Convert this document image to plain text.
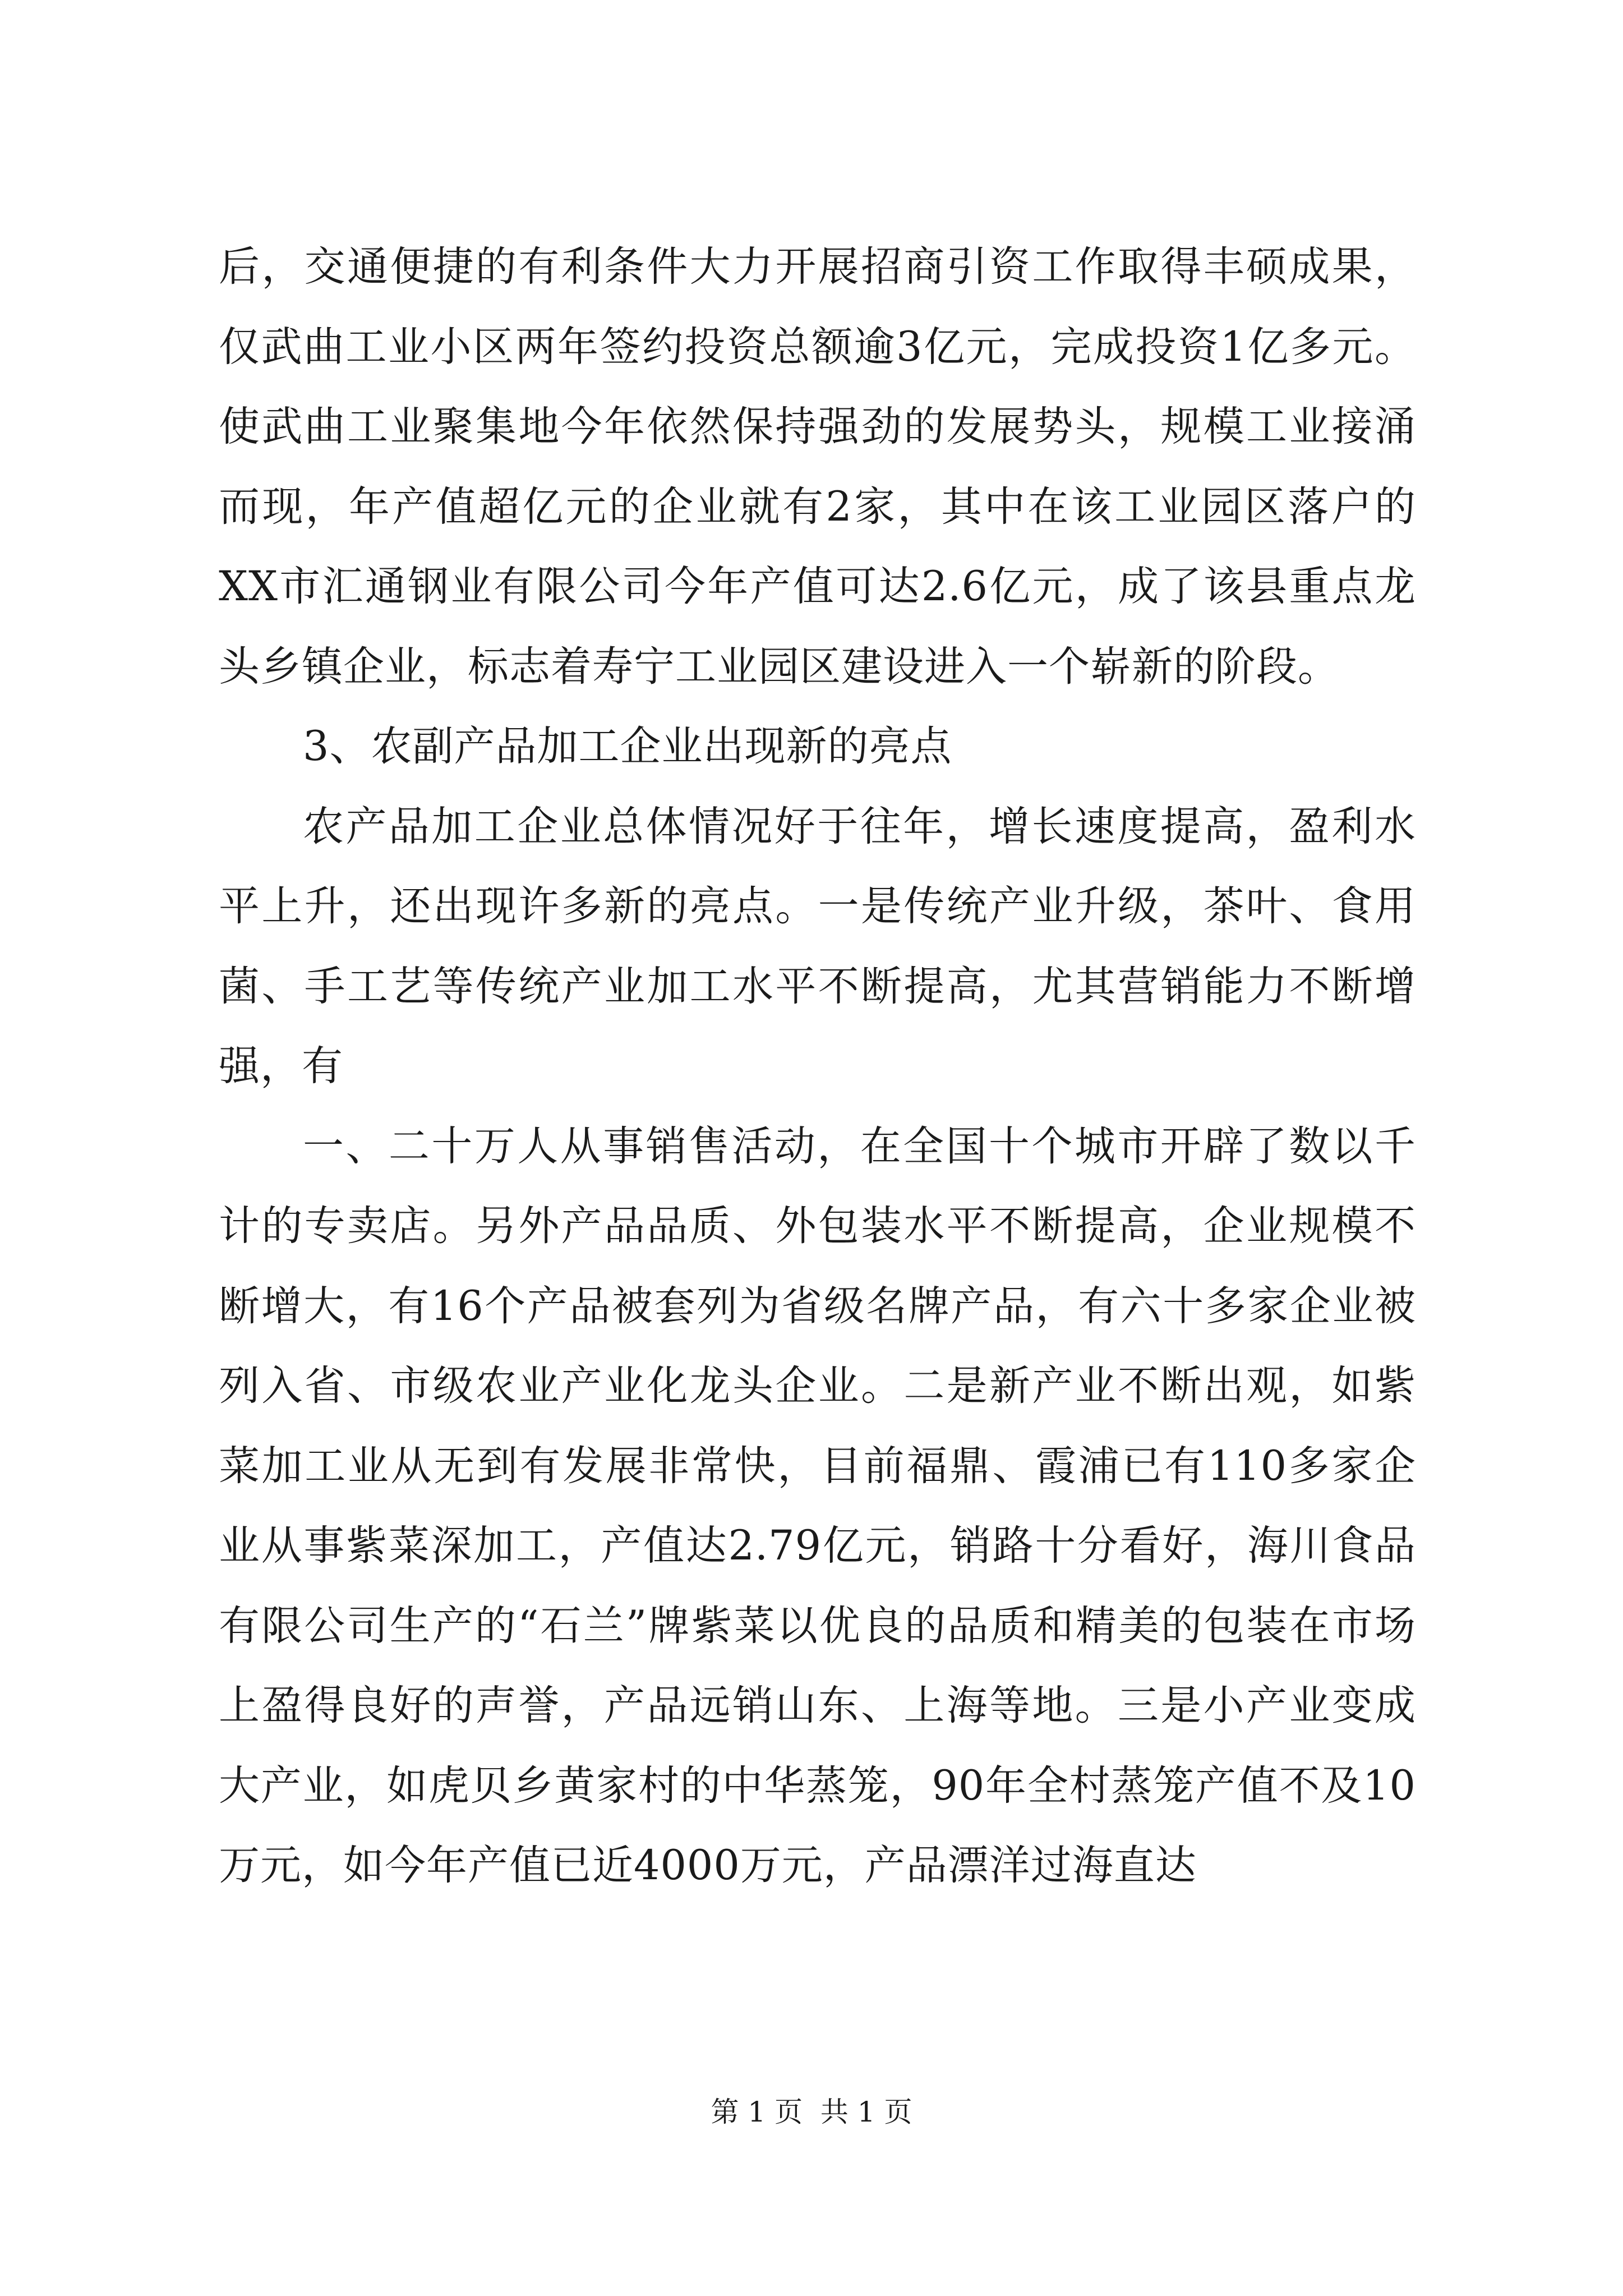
后，交通便捷的有利条件大力开展招商引资工作取得丰硕成果，仅武曲工业小区两年签约投资总额逾3亿元，完成投资1亿多元。使武曲工业聚集地今年依然保持强劲的发展势头，规模工业接涌而现，年产值超亿元的企业就有2家，其中在该工业园区落户的XX市汇通钢业有限公司今年产值可达2.6亿元，成了该县重点龙头乡镇企业，标志着寿宁工业园区建设进入一个崭新的阶段。

3、农副产品加工企业出现新的亮点

农产品加工企业总体情况好于往年，增长速度提高，盈利水平上升，还出现许多新的亮点。一是传统产业升级，茶叶、食用菌、手工艺等传统产业加工水平不断提高，尤其营销能力不断增强，有

一、二十万人从事销售活动，在全国十个城市开辟了数以千计的专卖店。另外产品品质、外包装水平不断提高，企业规模不断增大，有16个产品被套列为省级名牌产品，有六十多家企业被列入省、市级农业产业化龙头企业。二是新产业不断出观，如紫菜加工业从无到有发展非常快，目前福鼎、霞浦已有110多家企业从事紫菜深加工，产值达2.79亿元，销路十分看好，海川食品有限公司生产的“石兰”牌紫菜以优良的品质和精美的包装在市场上盈得良好的声誉，产品远销山东、上海等地。三是小产业变成大产业，如虎贝乡黄家村的中华蒸笼，90年全村蒸笼产值不及10万元，如今年产值已近4000万元，产品漂洋过海直达

第 1 页  共 1 页
